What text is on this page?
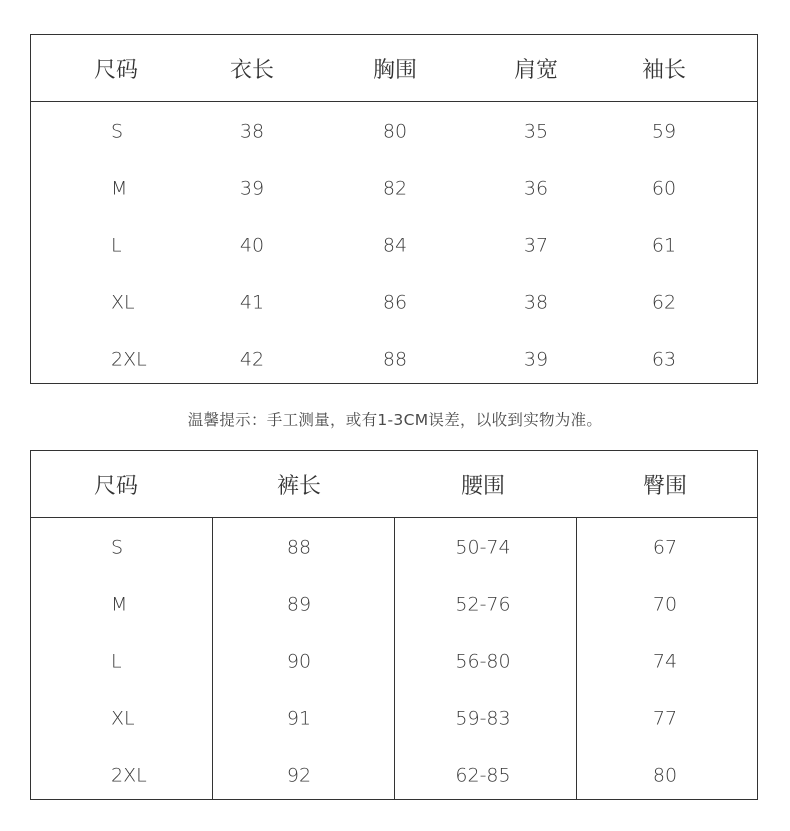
尺码	衣长	胸围	肩宽	袖长
S	38	80	35	59
M	39	82	36	60
L	40	84	37	61
XL	41	86	38	62
2XL	42	88	39	63
温馨提示：手工测量，或有1-3CM误差，以收到实物为准。
尺码	裤长	腰围	臀围
S	88	50-74	67
M	89	52-76	70
L	90	56-80	74
XL	91	59-83	77
2XL	92	62-85	80
